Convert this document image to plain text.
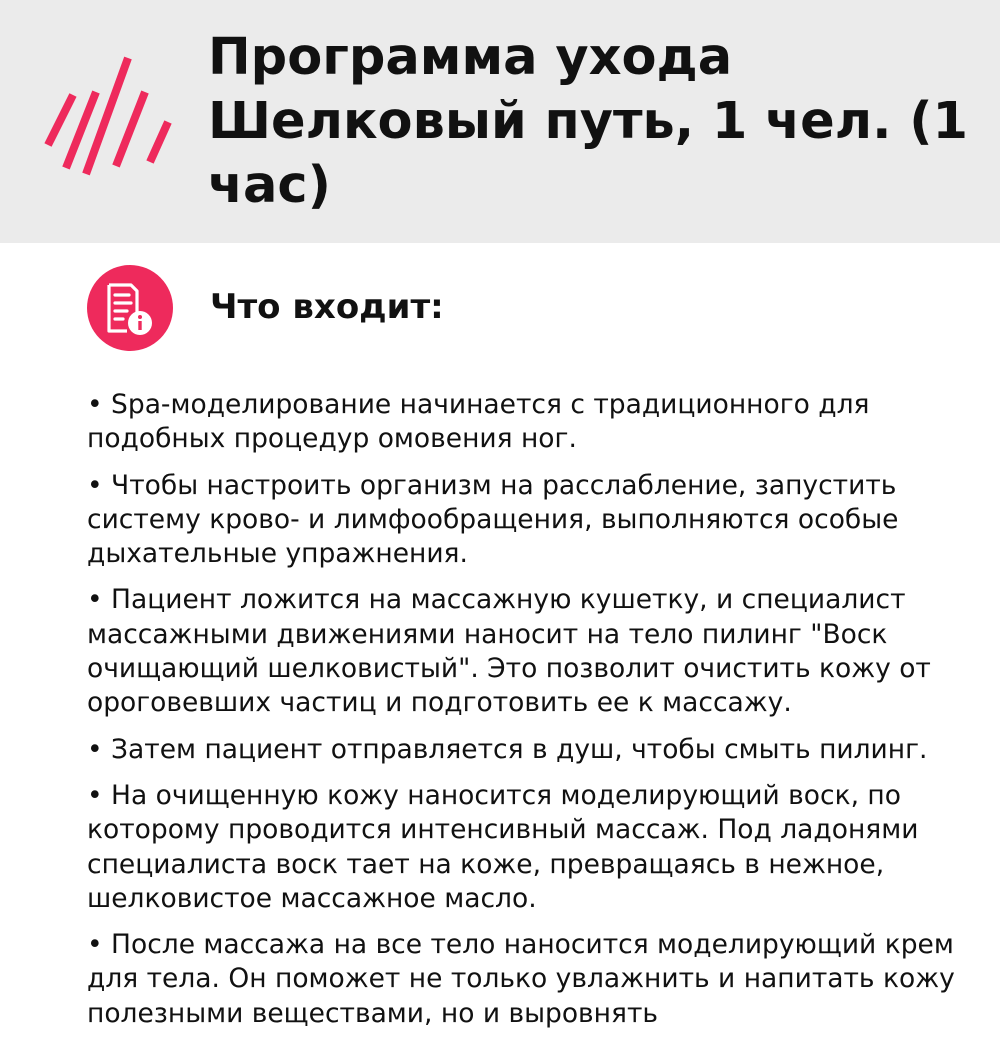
Программа ухода
Шелковый путь, 1 чел. (1
час)
Что входит:
• Spa-моделирование начинается с традиционного для подобных процедур омовения ног.
• Чтобы настроить организм на расслабление, запустить систему крово- и лимфообращения, выполняются особые дыхательные упражнения.
• Пациент ложится на массажную кушетку, и специалист массажными движениями наносит на тело пилинг "Воск очищающий шелковистый". Это позволит очистить кожу от ороговевших частиц и подготовить ее к массажу.
• Затем пациент отправляется в душ, чтобы смыть пилинг.
• На очищенную кожу наносится моделирующий воск, по которому проводится интенсивный массаж. Под ладонями специалиста воск тает на коже, превращаясь в нежное, шелковистое массажное масло.
• После массажа на все тело наносится моделирующий крем для тела. Он поможет не только увлажнить и напитать кожу полезными веществами, но и выровнять
